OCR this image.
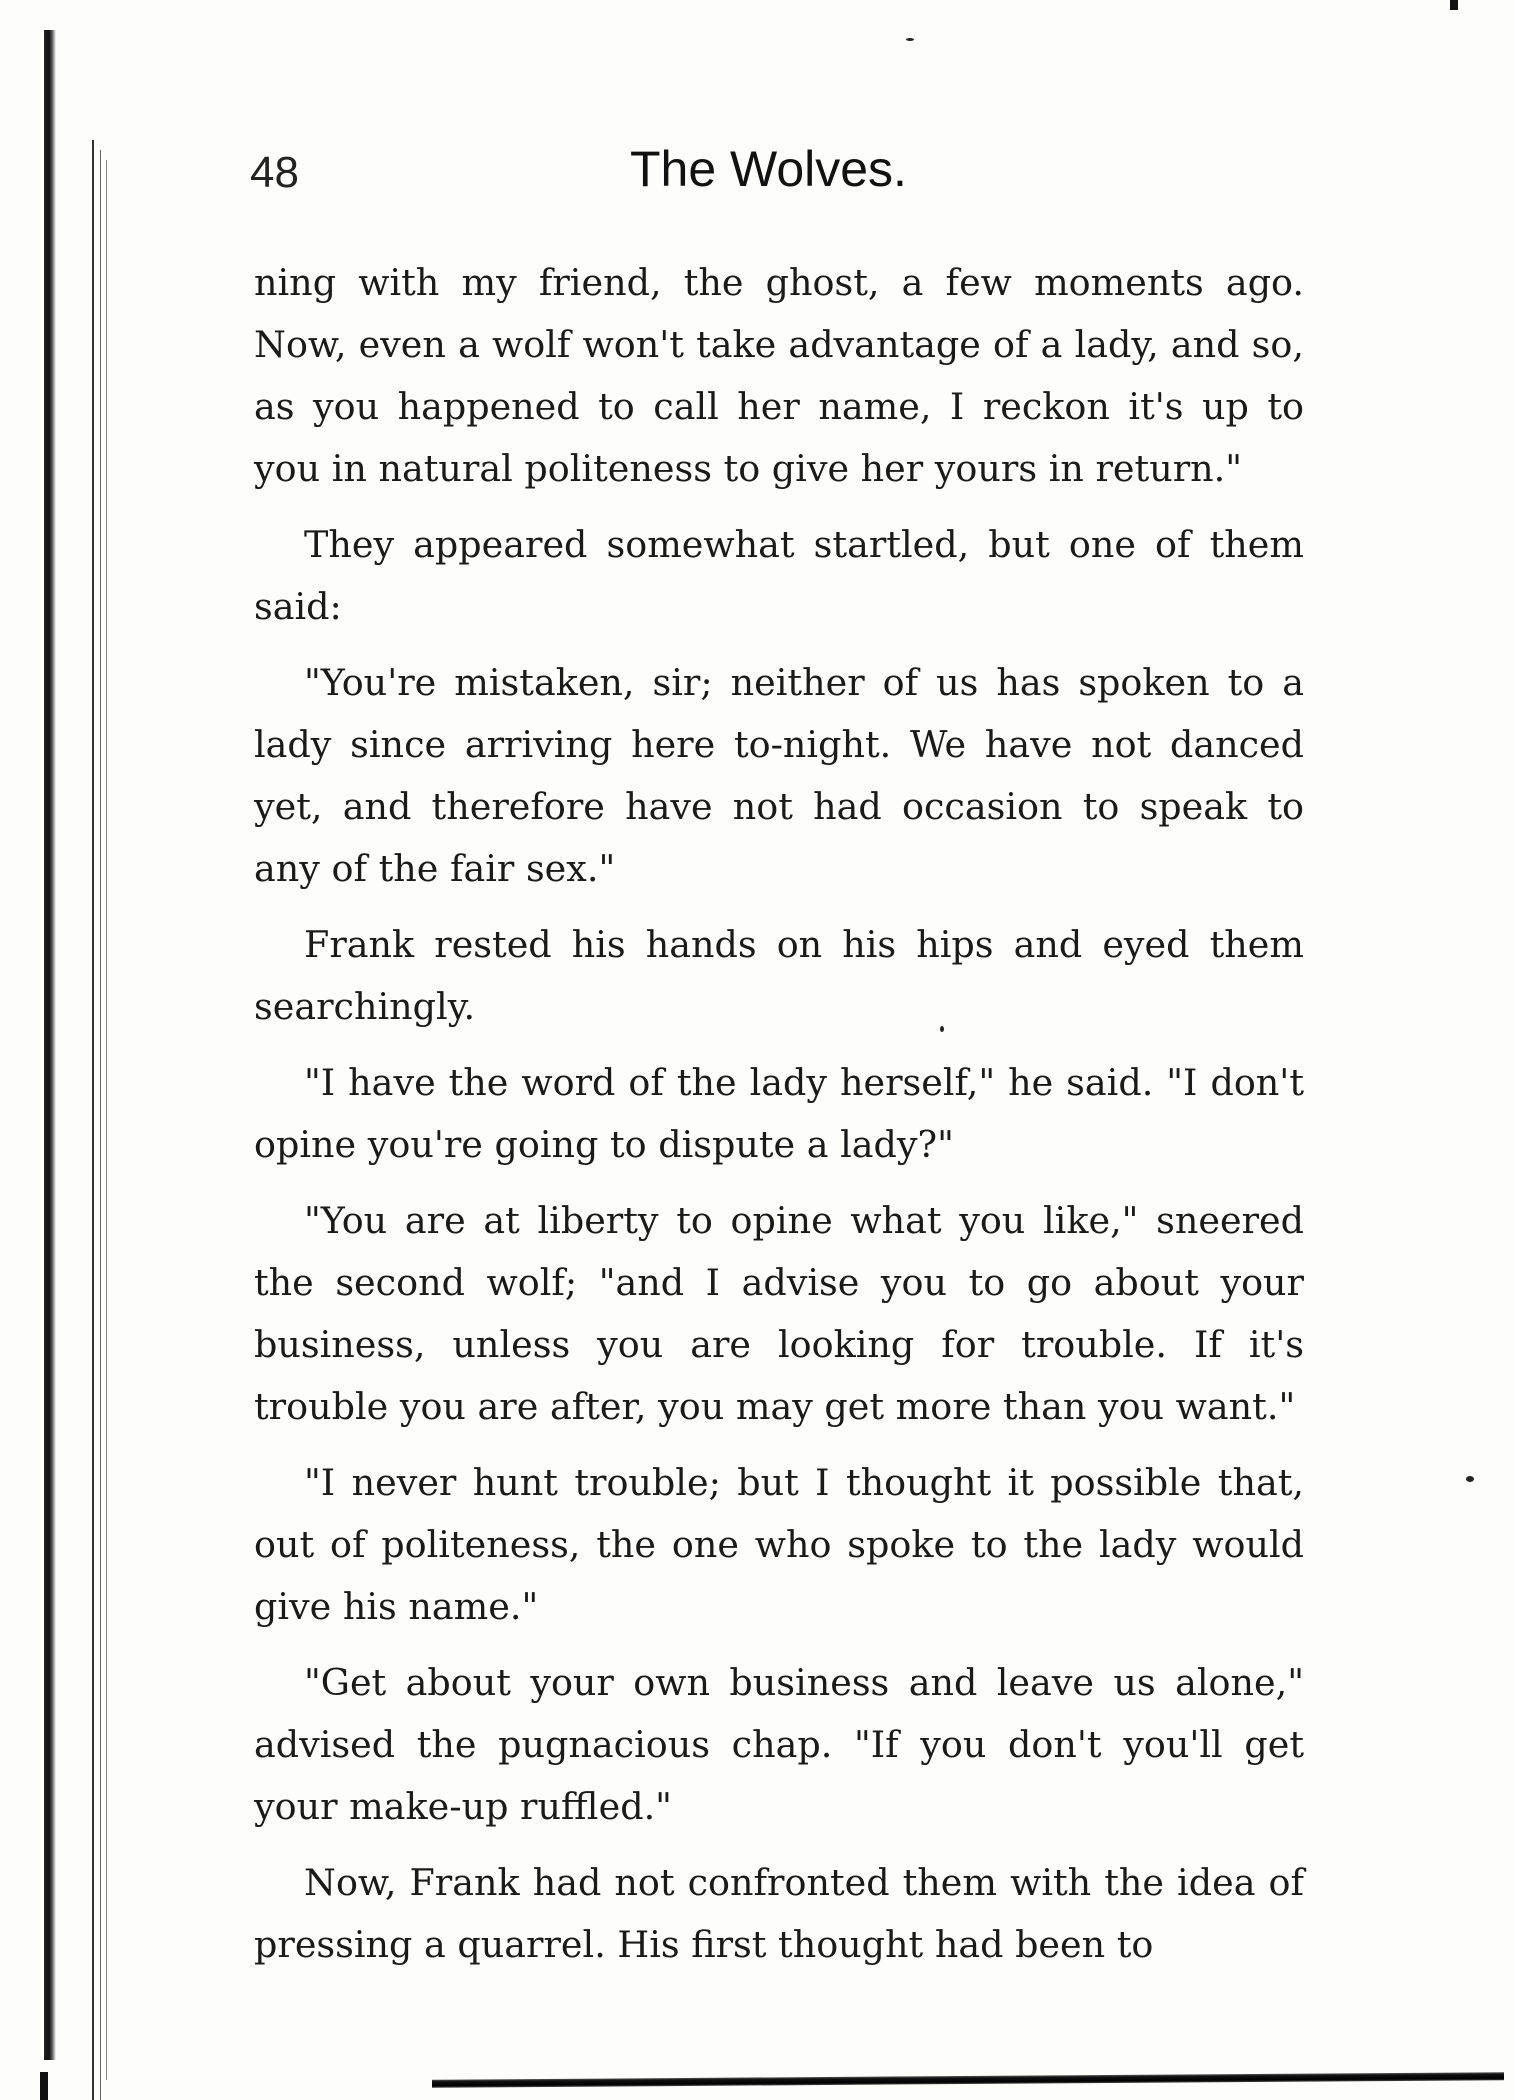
48	The Wolves.

ning with my friend, the ghost, a few moments ago. Now, even a wolf won't take advantage of a lady, and so, as you happened to call her name, I reckon it's up to you in natural politeness to give her yours in return."

They appeared somewhat startled, but one of them said:

"You're mistaken, sir; neither of us has spoken to a lady since arriving here to-night. We have not danced yet, and therefore have not had occasion to speak to any of the fair sex."

Frank rested his hands on his hips and eyed them searchingly.

"I have the word of the lady herself," he said. "I don't opine you're going to dispute a lady?"

"You are at liberty to opine what you like," sneered the second wolf; "and I advise you to go about your business, unless you are looking for trouble. If it's trouble you are after, you may get more than you want."

"I never hunt trouble; but I thought it possible that, out of politeness, the one who spoke to the lady would give his name."

"Get about your own business and leave us alone," advised the pugnacious chap. "If you don't you'll get your make-up ruffled."

Now, Frank had not confronted them with the idea of pressing a quarrel. His first thought had been to
